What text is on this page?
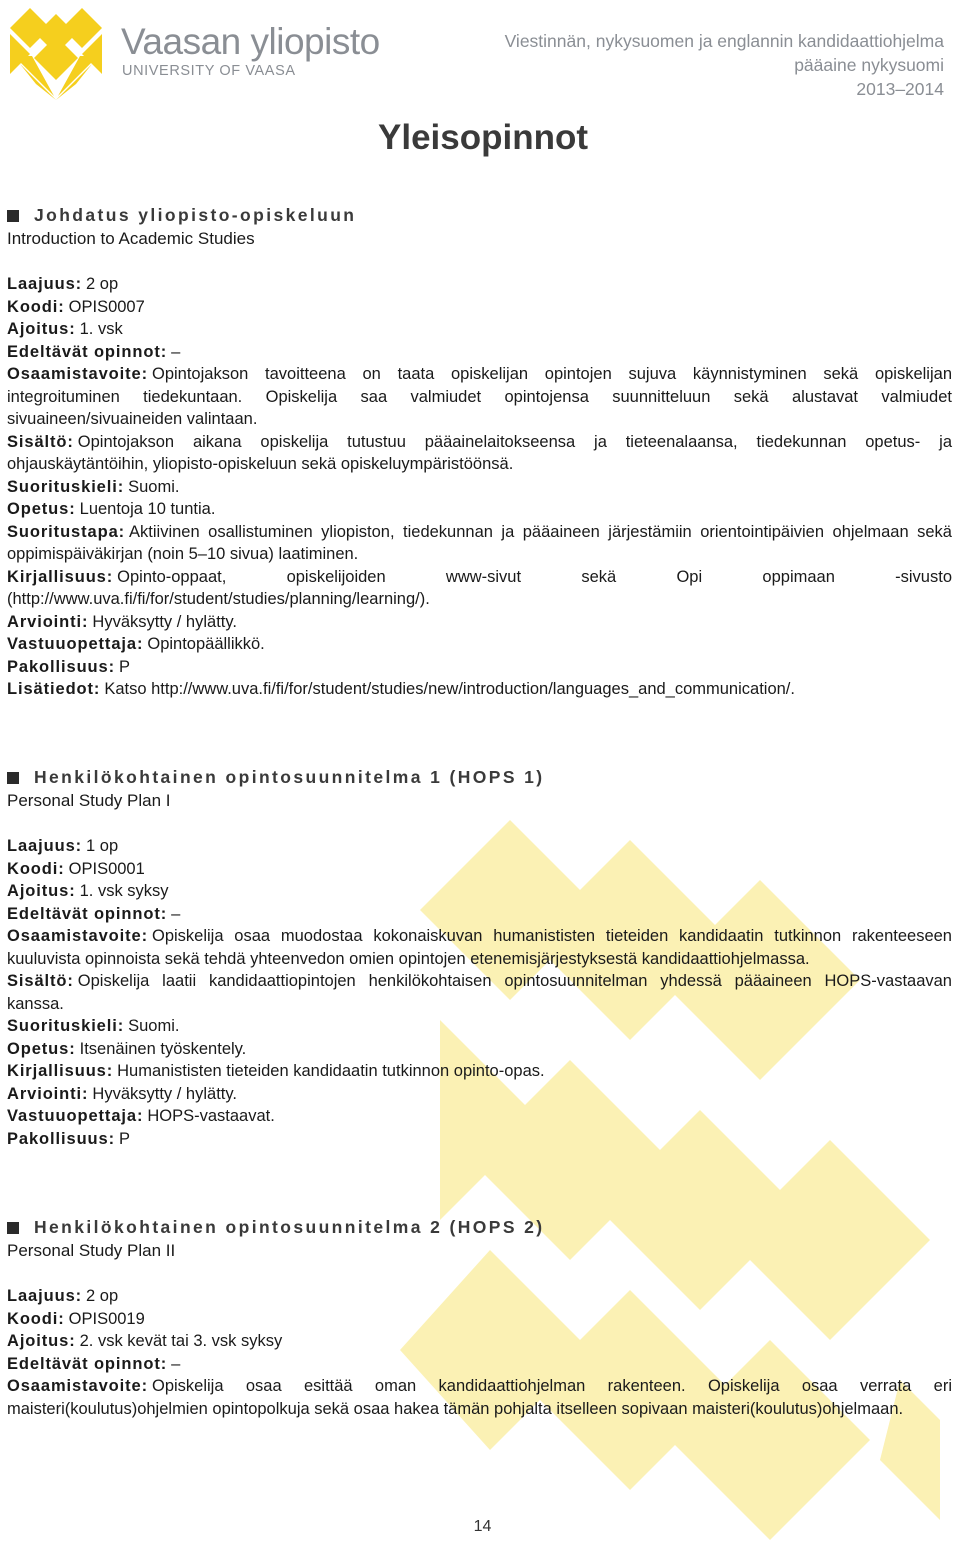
Vaasan yliopisto
UNIVERSITY OF VAASA
Viestinnän, nykysuomen ja englannin kandidaattiohjelma
pääaine nykysuomi
2013–2014
Yleisopinnot
Johdatus yliopisto-opiskeluun
Introduction to Academic Studies

Laajuus: 2 op

Koodi: OPIS0007

Ajoitus: 1. vsk

Edeltävät opinnot: –

Osaamistavoite: Opintojakson tavoitteena on taata opiskelijan opintojen sujuva käynnistyminen sekä opiskelijan integroituminen tiedekuntaan. Opiskelija saa valmiudet opintojensa suunnitteluun sekä alustavat valmiudet sivuaineen/sivuaineiden valintaan.

Sisältö: Opintojakson aikana opiskelija tutustuu pääainelaitokseensa ja tieteenalaansa, tiedekunnan opetus- ja ohjauskäytäntöihin, yliopisto-opiskeluun sekä opiskeluympäristöönsä.

Suorituskieli: Suomi.

Opetus: Luentoja 10 tuntia.

Suoritustapa: Aktiivinen osallistuminen yliopiston, tiedekunnan ja pääaineen järjestämiin orientointipäivien ohjelmaan sekä oppimispäiväkirjan (noin 5–10 sivua) laatiminen.

Kirjallisuus: Opinto-oppaat, opiskelijoiden www-sivut sekä Opi oppimaan -sivusto (http://www.uva.fi/fi/for/student/studies/planning/learning/).

Arviointi: Hyväksytty / hylätty.

Vastuuopettaja: Opintopäällikkö.

Pakollisuus: P

Lisätiedot: Katso http://www.uva.fi/fi/for/student/studies/new/introduction/languages_and_communication/.

Henkilökohtainen opintosuunnitelma 1 (HOPS 1)
Personal Study Plan I

Laajuus: 1 op

Koodi: OPIS0001

Ajoitus: 1. vsk syksy

Edeltävät opinnot: –

Osaamistavoite: Opiskelija osaa muodostaa kokonaiskuvan humanististen tieteiden kandidaatin tutkinnon rakenteeseen kuuluvista opinnoista sekä tehdä yhteenvedon omien opintojen etenemisjärjestyksestä kandidaattiohjelmassa.

Sisältö: Opiskelija laatii kandidaattiopintojen henkilökohtaisen opintosuunnitelman yhdessä pääaineen HOPS-vastaavan kanssa.

Suorituskieli: Suomi.

Opetus: Itsenäinen työskentely.

Kirjallisuus: Humanististen tieteiden kandidaatin tutkinnon opinto-opas.

Arviointi: Hyväksytty / hylätty.

Vastuuopettaja: HOPS-vastaavat.

Pakollisuus: P

Henkilökohtainen opintosuunnitelma 2 (HOPS 2)
Personal Study Plan II

Laajuus: 2 op

Koodi: OPIS0019

Ajoitus: 2. vsk kevät tai 3. vsk syksy

Edeltävät opinnot: –

Osaamistavoite: Opiskelija osaa esittää oman kandidaattiohjelman rakenteen. Opiskelija osaa verrata eri maisteri(koulutus)ohjelmien opintopolkuja sekä osaa hakea tämän pohjalta itselleen sopivaan maisteri(koulutus)ohjelmaan.

14
